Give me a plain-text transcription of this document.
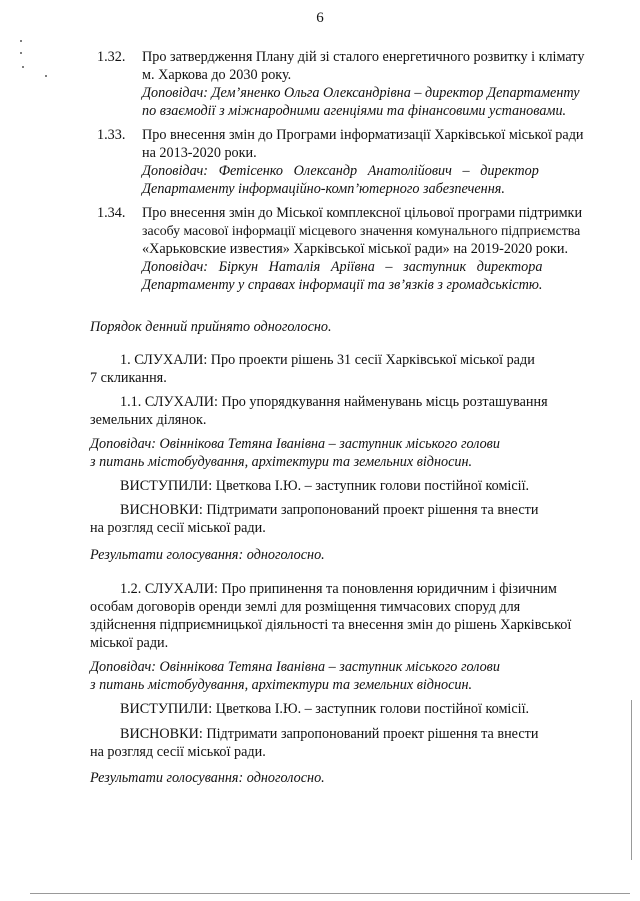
6
1.32. Про затвердження Плану дій зі сталого енергетичного розвитку і клімату
м. Харкова до 2030 року.
Доповідач: Дем’яненко Ольга Олександрівна – директор Департаменту
по взаємодії з міжнародними агенціями та фінансовими установами.
1.33. Про внесення змін до Програми інформатизації Харківської міської ради
на 2013-2020 роки.
Доповідач:   Фетісенко   Олександр   Анатолійович   –   директор
Департаменту інформаційно-комп’ютерного забезпечення.
1.34. Про внесення змін до Міської комплексної цільової програми підтримки
засобу масової інформації місцевого значення комунального підприємства
«Харьковские известия» Харківської міської ради» на 2019-2020 роки.
Доповідач:   Біркун   Наталія   Аріївна   –   заступник   директора
Департаменту у справах інформації та зв’язків з громадськістю.
Порядок денний прийнято одноголосно.
1. СЛУХАЛИ: Про проекти рішень 31 сесії Харківської міської ради
7 скликання.
1.1. СЛУХАЛИ: Про упорядкування найменувань місць розташування
земельних ділянок.
Доповідач: Овіннікова Тетяна Іванівна – заступник міського голови
з питань містобудування, архітектури та земельних відносин.
ВИСТУПИЛИ: Цветкова І.Ю. – заступник голови постійної комісії.
ВИСНОВКИ: Підтримати запропонований проект рішення та внести
на розгляд сесії міської ради.
Результати голосування: одноголосно.
1.2. СЛУХАЛИ: Про припинення та поновлення юридичним і фізичним
особам договорів оренди землі для розміщення тимчасових споруд для
здійснення підприємницької діяльності та внесення змін до рішень Харківської
міської ради.
Доповідач: Овіннікова Тетяна Іванівна – заступник міського голови
з питань містобудування, архітектури та земельних відносин.
ВИСТУПИЛИ: Цветкова І.Ю. – заступник голови постійної комісії.
ВИСНОВКИ: Підтримати запропонований проект рішення та внести
на розгляд сесії міської ради.
Результати голосування: одноголосно.
